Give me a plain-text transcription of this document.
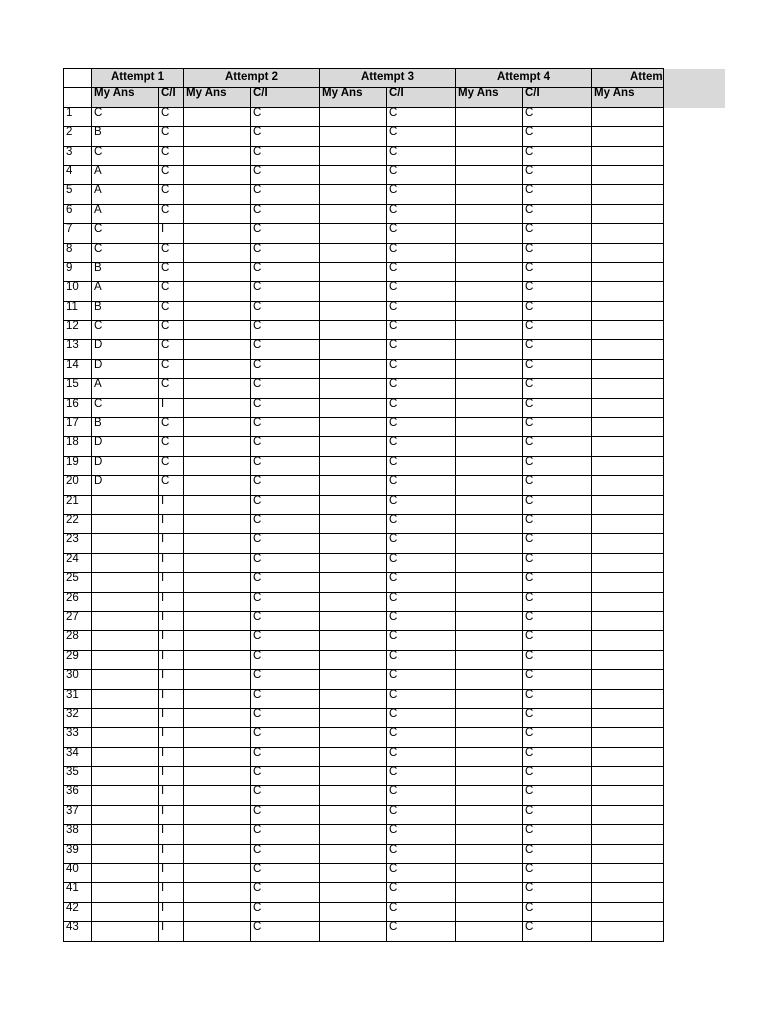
	Attempt 1		Attempt 2		Attempt 3		Attempt 4		Attem
	My Ans	C/I	My Ans	C/I	My Ans	C/I	My Ans	C/I	My Ans
1	C	C		C		C		C	
2	B	C		C		C		C	
3	C	C		C		C		C	
4	A	C		C		C		C	
5	A	C		C		C		C	
6	A	C		C		C		C	
7	C	I		C		C		C	
8	C	C		C		C		C	
9	B	C		C		C		C	
10	A	C		C		C		C	
11	B	C		C		C		C	
12	C	C		C		C		C	
13	D	C		C		C		C	
14	D	C		C		C		C	
15	A	C		C		C		C	
16	C	I		C		C		C	
17	B	C		C		C		C	
18	D	C		C		C		C	
19	D	C		C		C		C	
20	D	C		C		C		C	
21		I		C		C		C	
22		I		C		C		C	
23		I		C		C		C	
24		I		C		C		C	
25		I		C		C		C	
26		I		C		C		C	
27		I		C		C		C	
28		I		C		C		C	
29		I		C		C		C	
30		I		C		C		C	
31		I		C		C		C	
32		I		C		C		C	
33		I		C		C		C	
34		I		C		C		C	
35		I		C		C		C	
36		I		C		C		C	
37		I		C		C		C	
38		I		C		C		C	
39		I		C		C		C	
40		I		C		C		C	
41		I		C		C		C	
42		I		C		C		C	
43		I		C		C		C	
